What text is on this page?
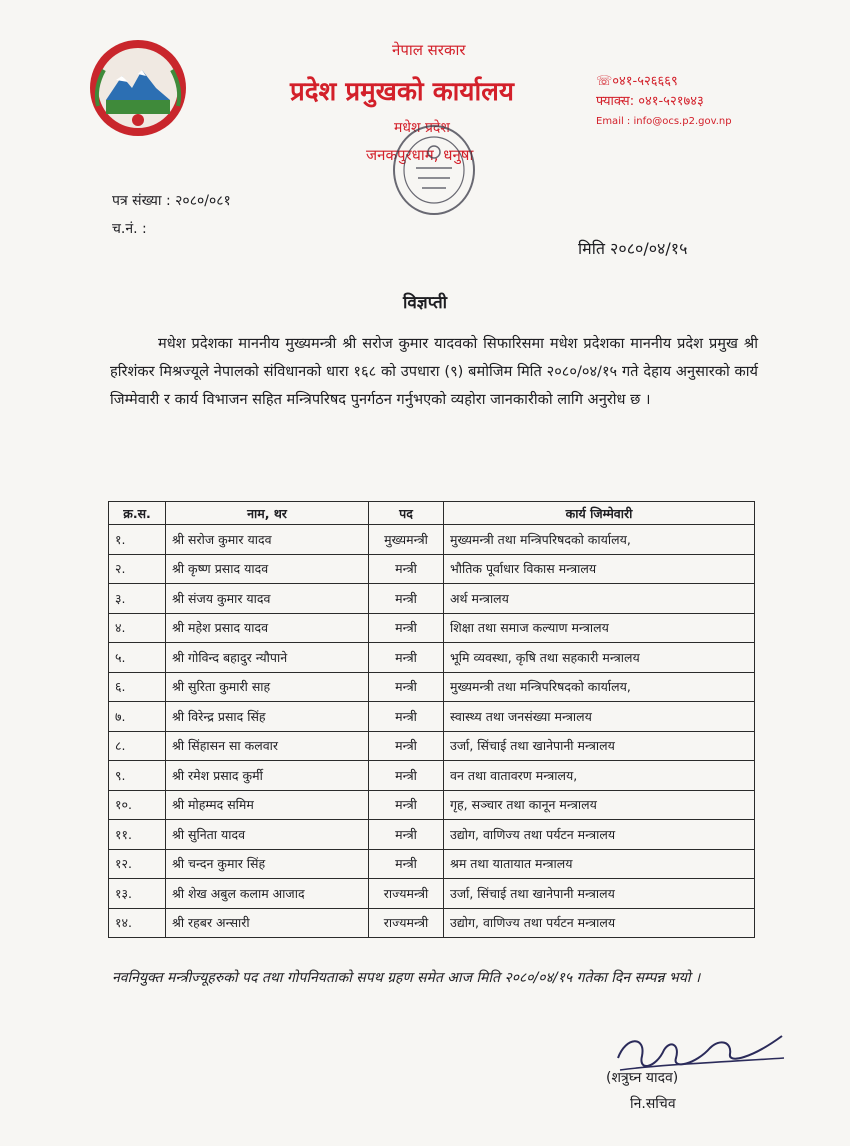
नेपाल सरकार
प्रदेश प्रमुखको कार्यालय
मधेश प्रदेश
जनकपुरधाम, धनुषा
☏०४१-५२६६६९
फ्याक्स: ०४१-५२१७४३
Email : info@ocs.p2.gov.np
पत्र संख्या : २०८०/०८१
च.नं. :
मिति २०८०/०४/१५
विज्ञप्ती
मधेश प्रदेशका माननीय मुख्यमन्त्री श्री सरोज कुमार यादवको सिफारिसमा मधेश प्रदेशका माननीय प्रदेश प्रमुख श्री हरिशंकर मिश्रज्यूले नेपालको संविधानको धारा १६८ को उपधारा (९) बमोजिम मिति २०८०/०४/१५ गते देहाय अनुसारको कार्य जिम्मेवारी र कार्य विभाजन सहित मन्त्रिपरिषद पुनर्गठन गर्नुभएको व्यहोरा जानकारीको लागि अनुरोध छ ।
क्र.स.	नाम, थर	पद	कार्य जिम्मेवारी
१.	श्री सरोज कुमार यादव	मुख्यमन्त्री	मुख्यमन्त्री तथा मन्त्रिपरिषदको कार्यालय,
२.	श्री कृष्ण प्रसाद यादव	मन्त्री	भौतिक पूर्वाधार विकास मन्त्रालय
३.	श्री संजय कुमार यादव	मन्त्री	अर्थ मन्त्रालय
४.	श्री महेश प्रसाद यादव	मन्त्री	शिक्षा तथा समाज कल्याण मन्त्रालय
५.	श्री गोविन्द बहादुर न्यौपाने	मन्त्री	भूमि व्यवस्था, कृषि तथा सहकारी मन्त्रालय
६.	श्री सुरिता कुमारी साह	मन्त्री	मुख्यमन्त्री तथा मन्त्रिपरिषदको कार्यालय,
७.	श्री विरेन्द्र प्रसाद सिंह	मन्त्री	स्वास्थ्य तथा जनसंख्या मन्त्रालय
८.	श्री सिंहासन सा कलवार	मन्त्री	उर्जा, सिंचाई तथा खानेपानी मन्त्रालय
९.	श्री रमेश प्रसाद कुर्मी	मन्त्री	वन तथा वातावरण मन्त्रालय,
१०.	श्री मोहम्मद समिम	मन्त्री	गृह, सञ्चार तथा कानून मन्त्रालय
११.	श्री सुनिता यादव	मन्त्री	उद्योग, वाणिज्य तथा पर्यटन मन्त्रालय
१२.	श्री चन्दन कुमार सिंह	मन्त्री	श्रम तथा यातायात मन्त्रालय
१३.	श्री शेख अबुल कलाम आजाद	राज्यमन्त्री	उर्जा, सिंचाई तथा खानेपानी मन्त्रालय
१४.	श्री रहबर अन्सारी	राज्यमन्त्री	उद्योग, वाणिज्य तथा पर्यटन मन्त्रालय
नवनियुक्त मन्त्रीज्यूहरुको पद तथा गोपनियताको सपथ ग्रहण समेत आज मिति २०८०/०४/१५ गतेका दिन सम्पन्न भयो ।
(शत्रुघ्न यादव)
नि.सचिव
